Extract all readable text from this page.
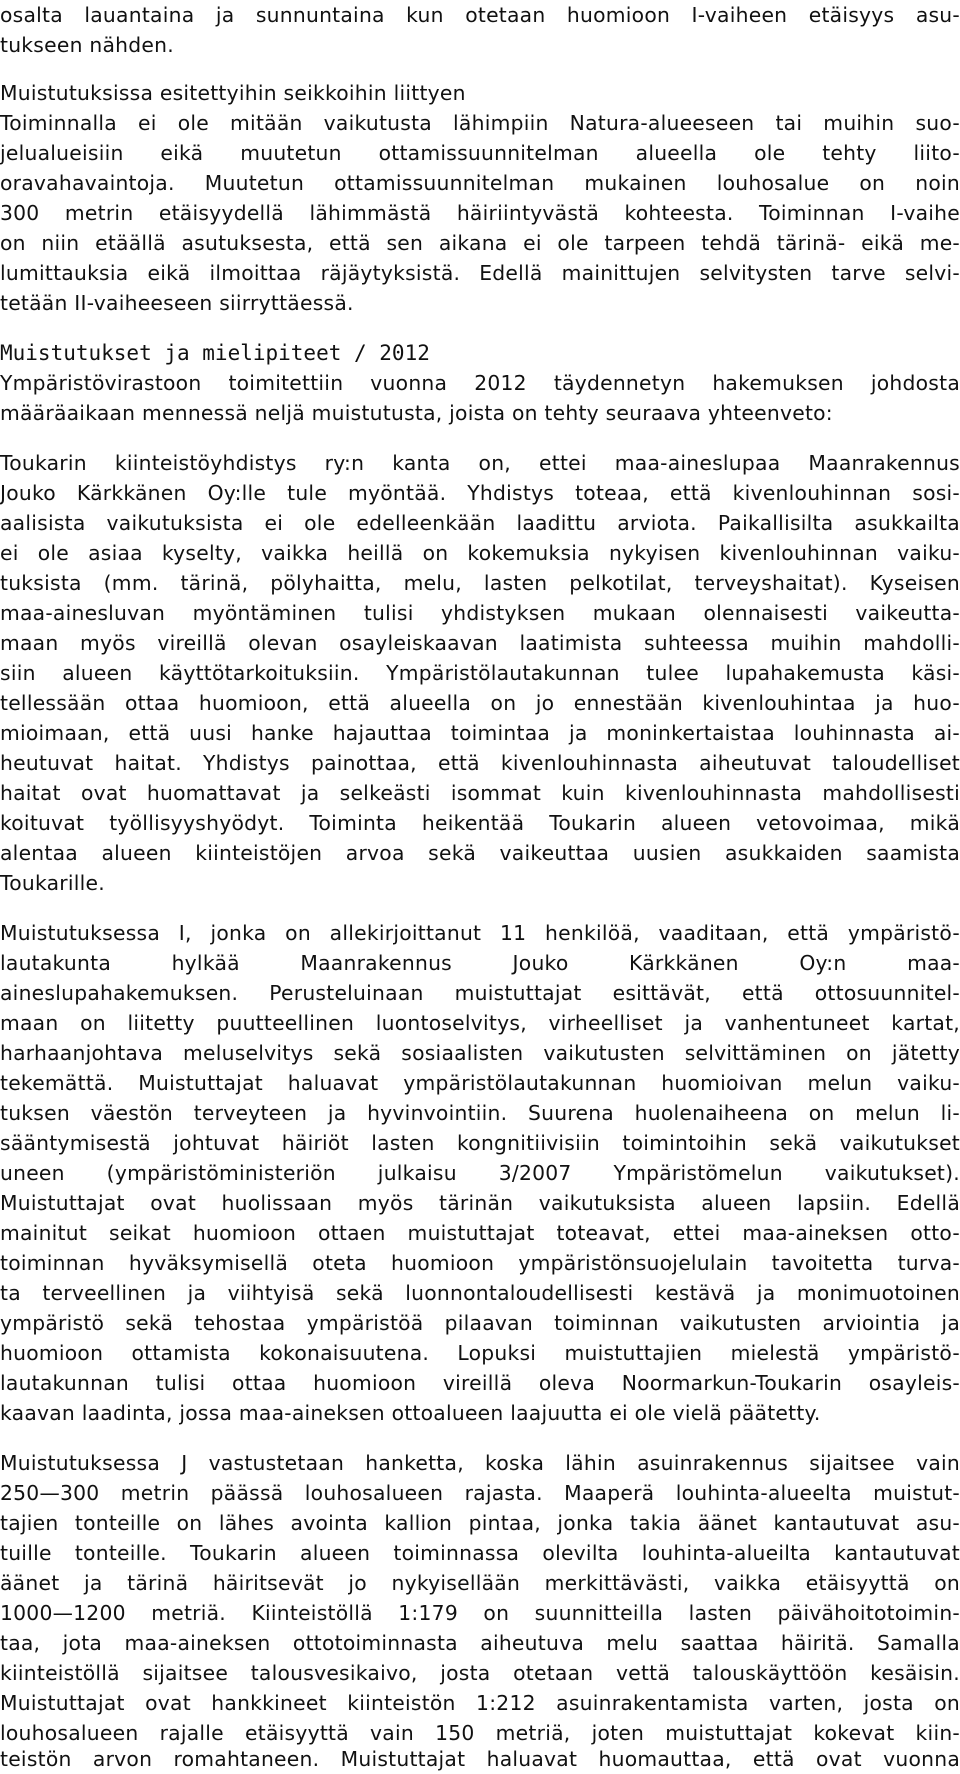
osalta lauantaina ja sunnuntaina kun otetaan huomioon I-vaiheen etäisyys asu-
tukseen nähden.
Muistutuksissa esitettyihin seikkoihin liittyen
Toiminnalla ei ole mitään vaikutusta lähimpiin Natura-alueeseen tai muihin suo-
jelualueisiin eikä muutetun ottamissuunnitelman alueella ole tehty liito-
oravahavaintoja. Muutetun ottamissuunnitelman mukainen louhosalue on noin
300 metrin etäisyydellä lähimmästä häiriintyvästä kohteesta. Toiminnan I-vaihe
on niin etäällä asutuksesta, että sen aikana ei ole tarpeen tehdä tärinä- eikä me-
lumittauksia eikä ilmoittaa räjäytyksistä. Edellä mainittujen selvitysten tarve selvi-
tetään II-vaiheeseen siirryttäessä.
Muistutukset ja mielipiteet / 2012
Ympäristövirastoon toimitettiin vuonna 2012 täydennetyn hakemuksen johdosta
määräaikaan mennessä neljä muistutusta, joista on tehty seuraava yhteenveto:
Toukarin kiinteistöyhdistys ry:n kanta on, ettei maa-aineslupaa Maanrakennus
Jouko Kärkkänen Oy:lle tule myöntää. Yhdistys toteaa, että kivenlouhinnan sosi-
aalisista vaikutuksista ei ole edelleenkään laadittu arviota. Paikallisilta asukkailta
ei ole asiaa kyselty, vaikka heillä on kokemuksia nykyisen kivenlouhinnan vaiku-
tuksista (mm. tärinä, pölyhaitta, melu, lasten pelkotilat, terveyshaitat). Kyseisen
maa-ainesluvan myöntäminen tulisi yhdistyksen mukaan olennaisesti vaikeutta-
maan myös vireillä olevan osayleiskaavan laatimista suhteessa muihin mahdolli-
siin alueen käyttötarkoituksiin. Ympäristölautakunnan tulee lupahakemusta käsi-
tellessään ottaa huomioon, että alueella on jo ennestään kivenlouhintaa ja huo-
mioimaan, että uusi hanke hajauttaa toimintaa ja moninkertaistaa louhinnasta ai-
heutuvat haitat. Yhdistys painottaa, että kivenlouhinnasta aiheutuvat taloudelliset
haitat ovat huomattavat ja selkeästi isommat kuin kivenlouhinnasta mahdollisesti
koituvat työllisyyshyödyt. Toiminta heikentää Toukarin alueen vetovoimaa, mikä
alentaa alueen kiinteistöjen arvoa sekä vaikeuttaa uusien asukkaiden saamista
Toukarille.
Muistutuksessa I, jonka on allekirjoittanut 11 henkilöä, vaaditaan, että ympäristö-
lautakunta hylkää Maanrakennus Jouko Kärkkänen Oy:n maa-
aineslupahakemuksen. Perusteluinaan muistuttajat esittävät, että ottosuunnitel-
maan on liitetty puutteellinen luontoselvitys, virheelliset ja vanhentuneet kartat,
harhaanjohtava meluselvitys sekä sosiaalisten vaikutusten selvittäminen on jätetty
tekemättä. Muistuttajat haluavat ympäristölautakunnan huomioivan melun vaiku-
tuksen väestön terveyteen ja hyvinvointiin. Suurena huolenaiheena on melun li-
sääntymisestä johtuvat häiriöt lasten kongnitiivisiin toimintoihin sekä vaikutukset
uneen (ympäristöministeriön julkaisu 3/2007 Ympäristömelun vaikutukset).
Muistuttajat ovat huolissaan myös tärinän vaikutuksista alueen lapsiin. Edellä
mainitut seikat huomioon ottaen muistuttajat toteavat, ettei maa-aineksen otto-
toiminnan hyväksymisellä oteta huomioon ympäristönsuojelulain tavoitetta turva-
ta terveellinen ja viihtyisä sekä luonnontaloudellisesti kestävä ja monimuotoinen
ympäristö sekä tehostaa ympäristöä pilaavan toiminnan vaikutusten arviointia ja
huomioon ottamista kokonaisuutena. Lopuksi muistuttajien mielestä ympäristö-
lautakunnan tulisi ottaa huomioon vireillä oleva Noormarkun-Toukarin osayleis-
kaavan laadinta, jossa maa-aineksen ottoalueen laajuutta ei ole vielä päätetty.
Muistutuksessa J vastustetaan hanketta, koska lähin asuinrakennus sijaitsee vain
250—300 metrin päässä louhosalueen rajasta. Maaperä louhinta-alueelta muistut-
tajien tonteille on lähes avointa kallion pintaa, jonka takia äänet kantautuvat asu-
tuille tonteille. Toukarin alueen toiminnassa olevilta louhinta-alueilta kantautuvat
äänet ja tärinä häiritsevät jo nykyisellään merkittävästi, vaikka etäisyyttä on
1000—1200 metriä. Kiinteistöllä 1:179 on suunnitteilla lasten päivähoitotoimin-
taa, jota maa-aineksen ottotoiminnasta aiheutuva melu saattaa häiritä. Samalla
kiinteistöllä sijaitsee talousvesikaivo, josta otetaan vettä talouskäyttöön kesäisin.
Muistuttajat ovat hankkineet kiinteistön 1:212 asuinrakentamista varten, josta on
louhosalueen rajalle etäisyyttä vain 150 metriä, joten muistuttajat kokevat kiin-
teistön arvon romahtaneen. Muistuttajat haluavat huomauttaa, että ovat vuonna
